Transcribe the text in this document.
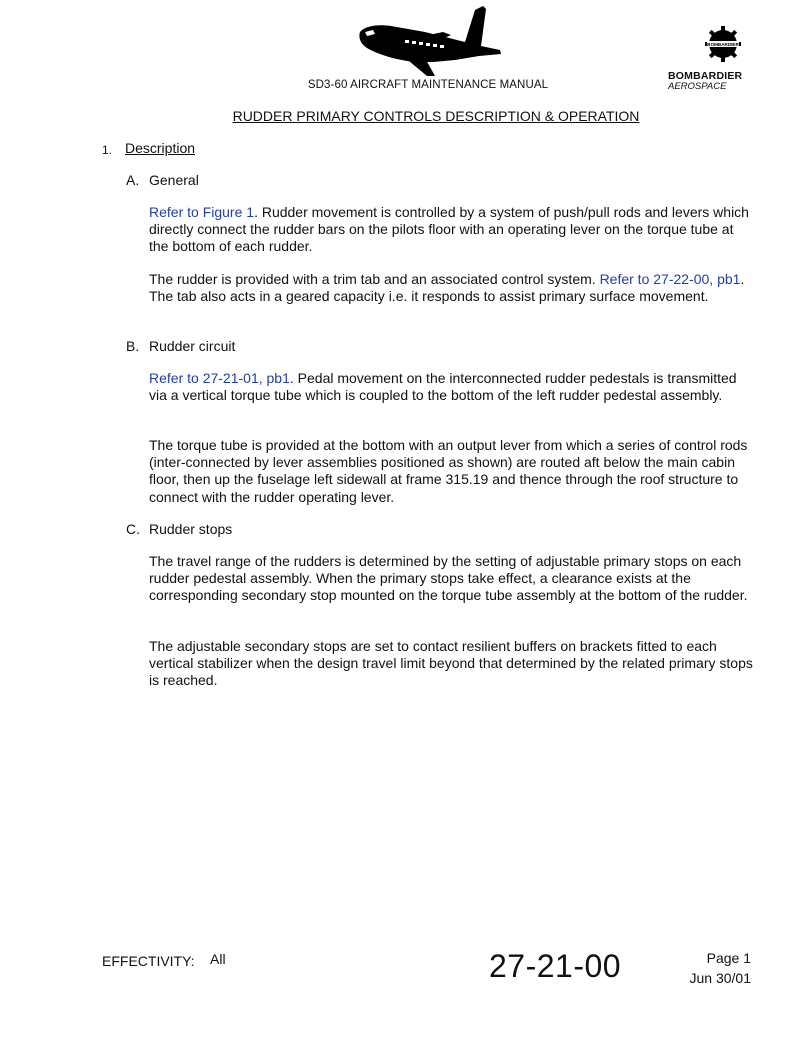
SD3-60 AIRCRAFT MAINTENANCE MANUAL
BOMBARDIER
BOMBARDIER
AEROSPACE
RUDDER PRIMARY CONTROLS DESCRIPTION & OPERATION
1. Description
A. General
Refer to Figure 1. Rudder movement is controlled by a system of push/pull rods and levers which directly connect the rudder bars on the pilots floor with an operating lever on the torque tube at the bottom of each rudder.
The rudder is provided with a trim tab and an associated control system. Refer to 27-22-00, pb1. The tab also acts in a geared capacity i.e. it responds to assist primary surface movement.
B. Rudder circuit
Refer to 27-21-01, pb1. Pedal movement on the interconnected rudder pedestals is transmitted via a vertical torque tube which is coupled to the bottom of the left rudder pedestal assembly.
The torque tube is provided at the bottom with an output lever from which a series of control rods (inter-connected by lever assemblies positioned as shown) are routed aft below the main cabin floor, then up the fuselage left sidewall at frame 315.19 and thence through the roof structure to connect with the rudder operating lever.
C. Rudder stops
The travel range of the rudders is determined by the setting of adjustable primary stops on each rudder pedestal assembly. When the primary stops take effect, a clearance exists at the corresponding secondary stop mounted on the torque tube assembly at the bottom of the rudder.
The adjustable secondary stops are set to contact resilient buffers on brackets fitted to each vertical stabilizer when the design travel limit beyond that determined by the related primary stops is reached.
EFFECTIVITY: All	27-21-00	Page 1
Jun 30/01
